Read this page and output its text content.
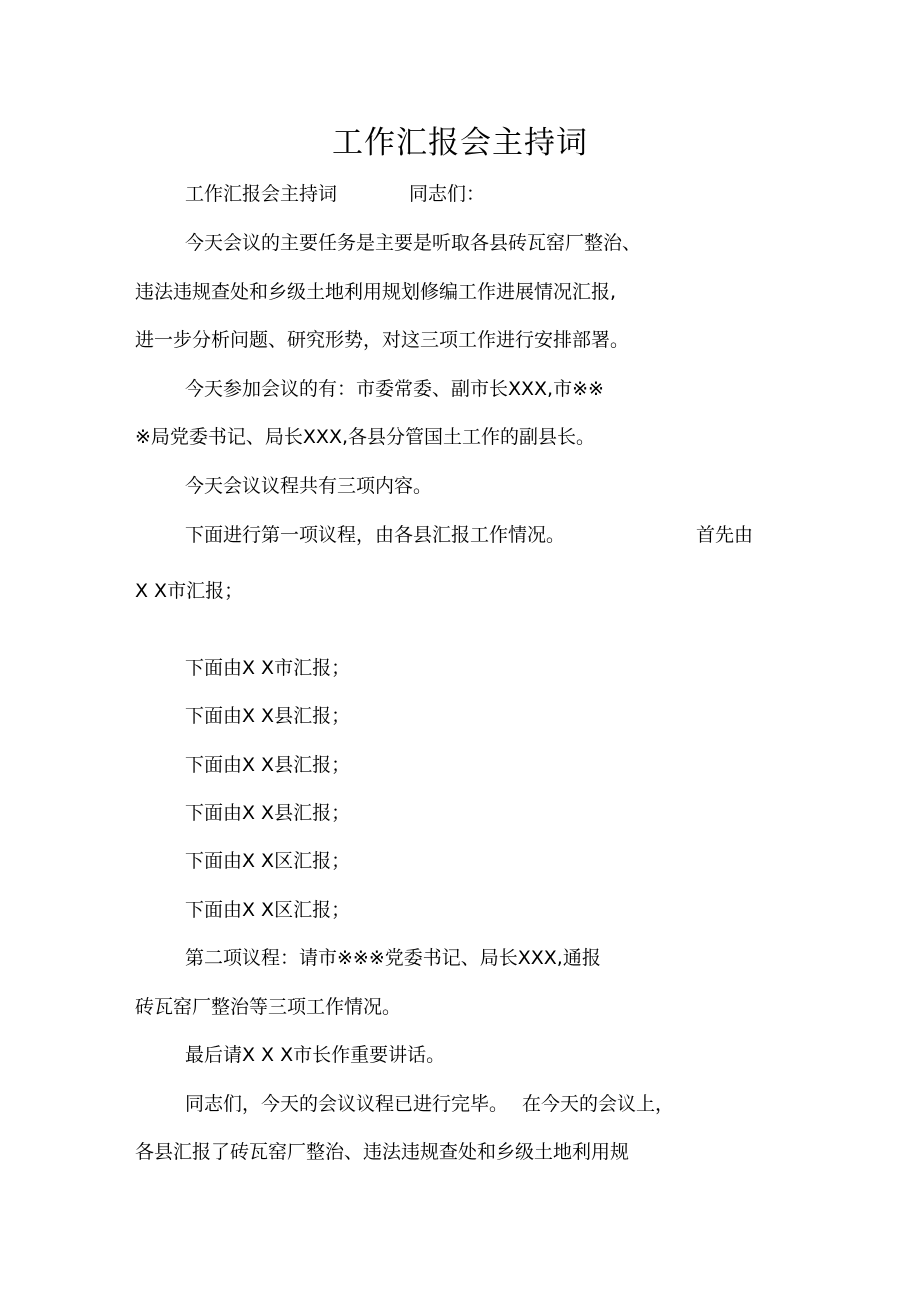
工作汇报会主持词
工作汇报会主持词	同志们：
今天会议的主要任务是主要是听取各县砖瓦窑厂整治、
违法违规查处和乡级土地利用规划修编工作进展情况汇报,
进一步分析问题、研究形势，对这三项工作进行安排部署。
今天参加会议的有：市委常委、副市长XXX,市※※
※局党委书记、局长XXX,各县分管国土工作的副县长。
今天会议议程共有三项内容。
下面进行第一项议程，由各县汇报工作情况。	首先由
X X市汇报；
下面由X X市汇报；
下面由X X县汇报；
下面由X X县汇报；
下面由X X县汇报；
下面由X X区汇报；
下面由X X区汇报；
第二项议程：请市※※※党委书记、局长XXX,通报
砖瓦窑厂整治等三项工作情况。
最后请X X X市长作重要讲话。
同志们，今天的会议议程已进行完毕。 在今天的会议上，
各县汇报了砖瓦窑厂整治、违法违规查处和乡级土地利用规
